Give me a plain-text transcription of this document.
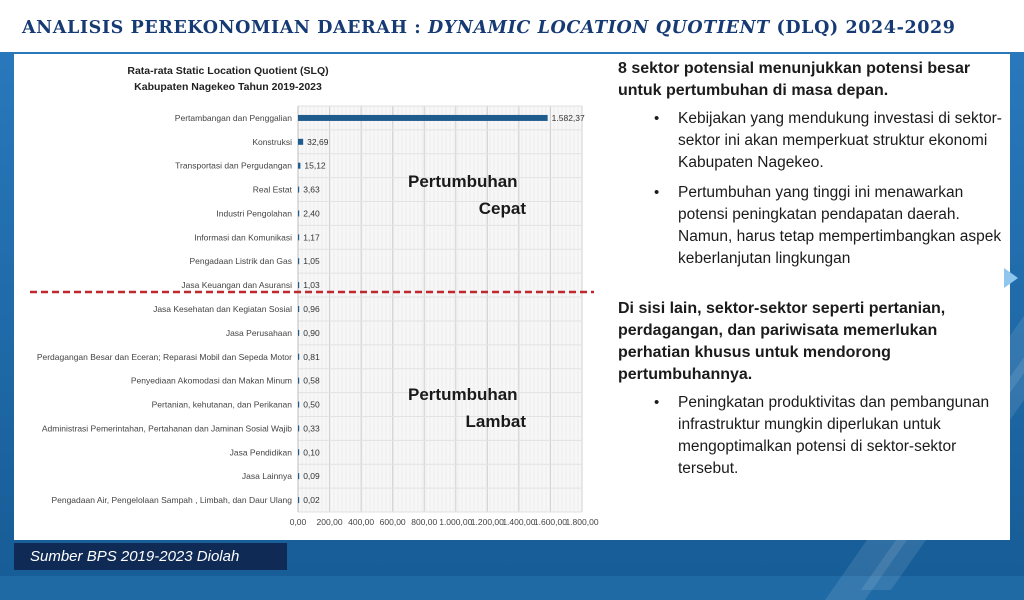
ANALISIS PEREKONOMIAN DAERAH : DYNAMIC LOCATION QUOTIENT (DLQ) 2024-2029
Rata-rata Static Location Quotient (SLQ)
Kabupaten Nagekeo Tahun 2019-2023
0,00 200,00 400,00 600,00 800,00 1.000,00
1.200,00
1.400,00
1.600,00
1.800,00
Pertambangan dan Penggalian	1.582,37
Konstruksi 32,69
Transportasi dan Pergudangan 15,12
Real Estat 3,63
Industri Pengolahan 2,40
Informasi dan Komunikasi 1,17
Pengadaan Listrik dan Gas 1,05
Jasa Keuangan dan Asuransi 1,03
Jasa Kesehatan dan Kegiatan Sosial 0,96
Jasa Perusahaan 0,90
Perdagangan Besar dan Eceran; Reparasi Mobil dan Sepeda Motor 0,81
Penyediaan Akomodasi dan Makan Minum 0,58
Pertanian, kehutanan, dan Perikanan 0,50
Administrasi Pemerintahan, Pertahanan dan Jaminan Sosial Wajib 0,33
Jasa Pendidikan 0,10
Jasa Lainnya 0,09
Pengadaan Air, Pengelolaan Sampah , Limbah, dan Daur Ulang 0,02
Pertumbuhan
Cepat
Pertumbuhan
Lambat

8 sektor potensial menunjukkan potensi besar untuk pertumbuhan di masa depan.

• Kebijakan yang mendukung investasi di sektor-sektor ini akan memperkuat struktur ekonomi Kabupaten Nagekeo.
• Pertumbuhan yang tinggi ini menawarkan potensi peningkatan pendapatan daerah. Namun, harus tetap mempertimbangkan aspek keberlanjutan lingkungan

Di sisi lain, sektor-sektor seperti pertanian, perdagangan, dan pariwisata memerlukan perhatian khusus untuk mendorong pertumbuhannya.

• Peningkatan produktivitas dan pembangunan infrastruktur mungkin diperlukan untuk mengoptimalkan potensi di sektor-sektor tersebut.
Sumber BPS 2019-2023 Diolah
